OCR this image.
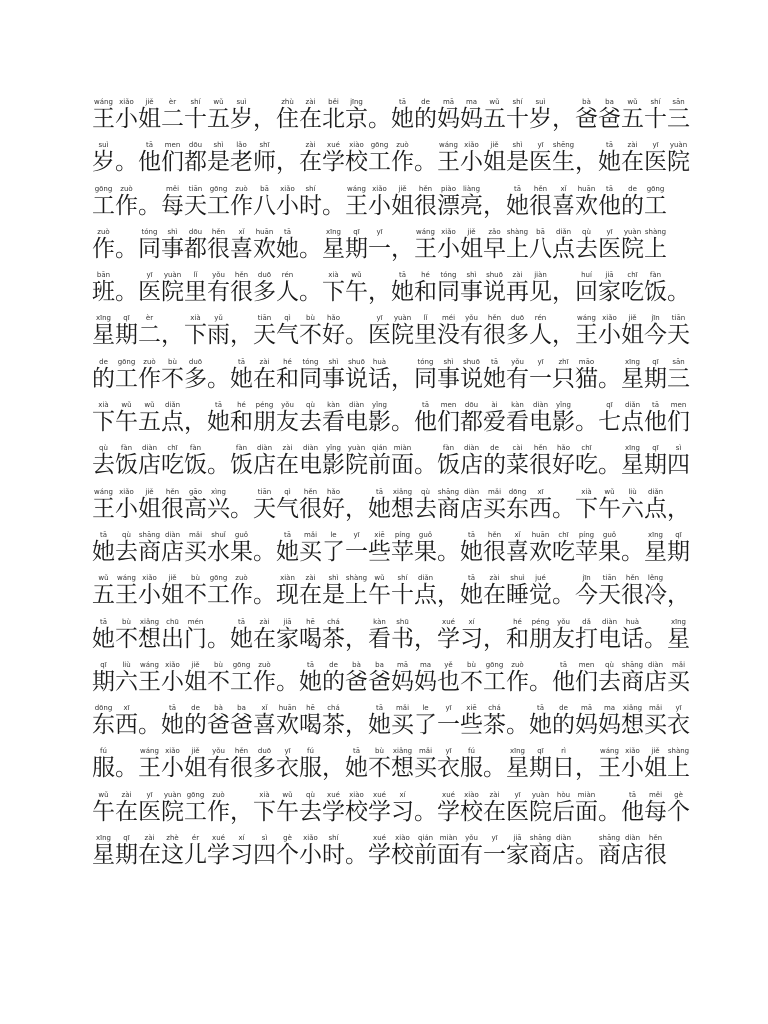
王wáng小xiǎo姐jiě二èr十shí五wǔ岁suì，住zhù在zài北běi京jīng。她tā的de妈mā妈ma五wǔ十shí岁suì，爸bà爸ba五wǔ十shí三sān
岁suì。他tā们men都dōu是shì老lǎo师shī，在zài学xué校xiào工gōng作zuò。王wáng小xiǎo姐jiě是shì医yī生shēng，她tā在zài医yī院yuàn
工gōng作zuò。每měi天tiān工gōng作zuò八bā小xiǎo时shí。王wáng小xiǎo姐jiě很hěn漂piào亮liàng，她tā很hěn喜xǐ欢huān他tā的de工gōng
作zuò。同tóng事shì都dōu很hěn喜xǐ欢huān她tā。星xīng期qī一yī，王wáng小xiǎo姐jiě早zǎo上shàng八bā点diǎn去qù医yī院yuàn上shàng
班bān。医yī院yuàn里lǐ有yǒu很hěn多duō人rén。下xià午wǔ，她tā和hé同tóng事shì说shuō再zài见jiàn，回huí家jiā吃chī饭fàn。
星xīng期qī二èr，下xià雨yǔ，天tiān气qì不bù好hǎo。医yī院yuàn里lǐ没méi有yǒu很hěn多duō人rén，王wáng小xiǎo姐jiě今jīn天tiān
的de工gōng作zuò不bù多duō。她tā在zài和hé同tóng事shì说shuō话huà，同tóng事shì说shuō她tā有yǒu一yī只zhī猫māo。星xīng期qī三sān
下xià午wǔ五wǔ点diǎn，她tā和hé朋péng友yǒu去qù看kàn电diàn影yǐng。他tā们men都dōu爱ài看kàn电diàn影yǐng。七qī点diǎn他tā们men
去qù饭fàn店diàn吃chī饭fàn。饭fàn店diàn在zài电diàn影yǐng院yuàn前qián面miàn。饭fàn店diàn的de菜cài很hěn好hǎo吃chī。星xīng期qī四sì
王wáng小xiǎo姐jiě很hěn高gāo兴xìng。天tiān气qì很hěn好hǎo，她tā想xiǎng去qù商shāng店diàn买mǎi东dōng西xī。下xià午wǔ六liù点diǎn，
她tā去qù商shāng店diàn买mǎi水shuǐ果guǒ。她tā买mǎi了le一yī些xiē苹píng果guǒ。她tā很hěn喜xǐ欢huān吃chī苹píng果guǒ。星xīng期qī
五wǔ王wáng小xiǎo姐jiě不bù工gōng作zuò。现xiàn在zài是shì上shàng午wǔ十shí点diǎn，她tā在zài睡shuì觉jué。今jīn天tiān很hěn冷lěng，
她tā不bù想xiǎng出chū门mén。她tā在zài家jiā喝hē茶chá，看kàn书shū，学xué习xí，和hé朋péng友yǒu打dǎ电diàn话huà。星xīng
期qī六liù王wáng小xiǎo姐jiě不bù工gōng作zuò。她tā的de爸bà爸ba妈mā妈ma也yě不bù工gōng作zuò。他tā们men去qù商shāng店diàn买mǎi
东dōng西xī。她tā的de爸bà爸ba喜xǐ欢huān喝hē茶chá，她tā买mǎi了le一yī些xiē茶chá。她tā的de妈mā妈ma想xiǎng买mǎi衣yī
服fú。王wáng小xiǎo姐jiě有yǒu很hěn多duō衣yī服fú，她tā不bù想xiǎng买mǎi衣yī服fú。星xīng期qī日rì，王wáng小xiǎo姐jiě上shàng
午wǔ在zài医yī院yuàn工gōng作zuò，下xià午wǔ去qù学xué校xiào学xué习xí。学xué校xiào在zài医yī院yuàn后hòu面miàn。他tā每měi个gè
星xīng期qī在zài这zhè儿ér学xué习xí四sì个gè小xiǎo时shí。学xué校xiào前qián面miàn有yǒu一yī家jiā商shāng店diàn。商shāng店diàn很hěn
